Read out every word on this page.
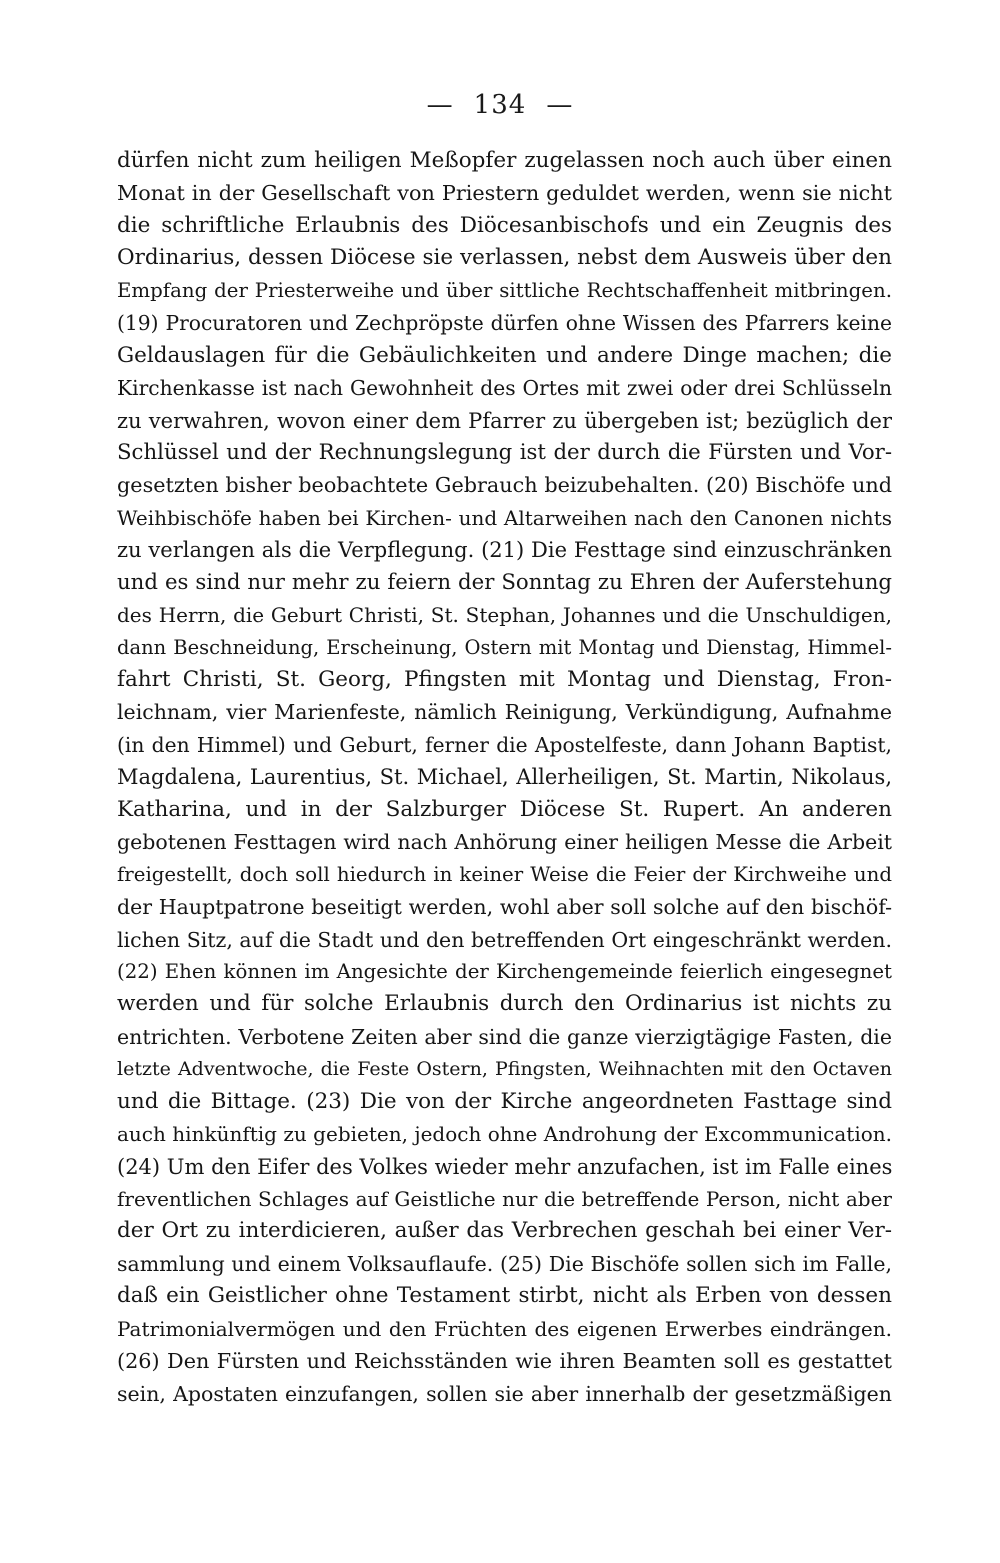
— 134 —
dürfen nicht zum heiligen Meßopfer zugelassen noch auch über einen
Monat in der Gesellschaft von Priestern geduldet werden, wenn sie nicht
die schriftliche Erlaubnis des Diöcesanbischofs und ein Zeugnis des
Ordinarius, dessen Diöcese sie verlassen, nebst dem Ausweis über den
Empfang der Priesterweihe und über sittliche Rechtschaffenheit mitbringen.
(19) Procuratoren und Zechpröpste dürfen ohne Wissen des Pfarrers keine
Geldauslagen für die Gebäulichkeiten und andere Dinge machen; die
Kirchenkasse ist nach Gewohnheit des Ortes mit zwei oder drei Schlüsseln
zu verwahren, wovon einer dem Pfarrer zu übergeben ist; bezüglich der
Schlüssel und der Rechnungslegung ist der durch die Fürsten und Vor-
gesetzten bisher beobachtete Gebrauch beizubehalten. (20) Bischöfe und
Weihbischöfe haben bei Kirchen- und Altarweihen nach den Canonen nichts
zu verlangen als die Verpflegung. (21) Die Festtage sind einzuschränken
und es sind nur mehr zu feiern der Sonntag zu Ehren der Auferstehung
des Herrn, die Geburt Christi, St. Stephan, Johannes und die Unschuldigen,
dann Beschneidung, Erscheinung, Ostern mit Montag und Dienstag, Himmel-
fahrt Christi, St. Georg, Pfingsten mit Montag und Dienstag, Fron-
leichnam, vier Marienfeste, nämlich Reinigung, Verkündigung, Aufnahme
(in den Himmel) und Geburt, ferner die Apostelfeste, dann Johann Baptist,
Magdalena, Laurentius, St. Michael, Allerheiligen, St. Martin, Nikolaus,
Katharina, und in der Salzburger Diöcese St. Rupert. An anderen
gebotenen Festtagen wird nach Anhörung einer heiligen Messe die Arbeit
freigestellt, doch soll hiedurch in keiner Weise die Feier der Kirchweihe und
der Hauptpatrone beseitigt werden, wohl aber soll solche auf den bischöf-
lichen Sitz, auf die Stadt und den betreffenden Ort eingeschränkt werden.
(22) Ehen können im Angesichte der Kirchengemeinde feierlich eingesegnet
werden und für solche Erlaubnis durch den Ordinarius ist nichts zu
entrichten. Verbotene Zeiten aber sind die ganze vierzigtägige Fasten, die
letzte Adventwoche, die Feste Ostern, Pfingsten, Weihnachten mit den Octaven
und die Bittage. (23) Die von der Kirche angeordneten Fasttage sind
auch hinkünftig zu gebieten, jedoch ohne Androhung der Excommunication.
(24) Um den Eifer des Volkes wieder mehr anzufachen, ist im Falle eines
freventlichen Schlages auf Geistliche nur die betreffende Person, nicht aber
der Ort zu interdicieren, außer das Verbrechen geschah bei einer Ver-
sammlung und einem Volksauflaufe. (25) Die Bischöfe sollen sich im Falle,
daß ein Geistlicher ohne Testament stirbt, nicht als Erben von dessen
Patrimonialvermögen und den Früchten des eigenen Erwerbes eindrängen.
(26) Den Fürsten und Reichsständen wie ihren Beamten soll es gestattet
sein, Apostaten einzufangen, sollen sie aber innerhalb der gesetzmäßigen
